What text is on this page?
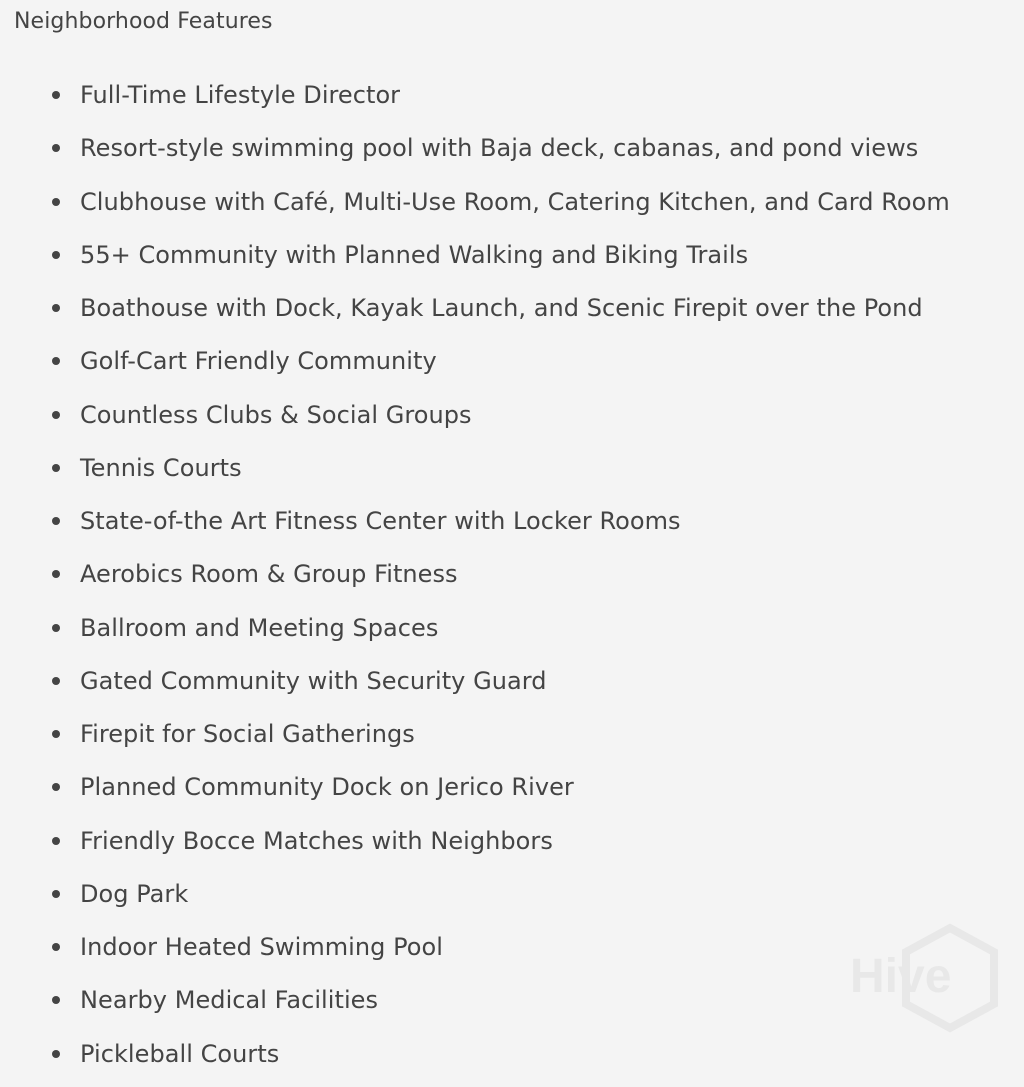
Neighborhood Features
Full-Time Lifestyle Director
Resort-style swimming pool with Baja deck, cabanas, and pond views
Clubhouse with Café, Multi-Use Room, Catering Kitchen, and Card Room
55+ Community with Planned Walking and Biking Trails
Boathouse with Dock, Kayak Launch, and Scenic Firepit over the Pond
Golf-Cart Friendly Community
Countless Clubs & Social Groups
Tennis Courts
State-of-the Art Fitness Center with Locker Rooms
Aerobics Room & Group Fitness
Ballroom and Meeting Spaces
Gated Community with Security Guard
Firepit for Social Gatherings
Planned Community Dock on Jerico River
Friendly Bocce Matches with Neighbors
Dog Park
Indoor Heated Swimming Pool
Nearby Medical Facilities
Pickleball Courts
Hive
